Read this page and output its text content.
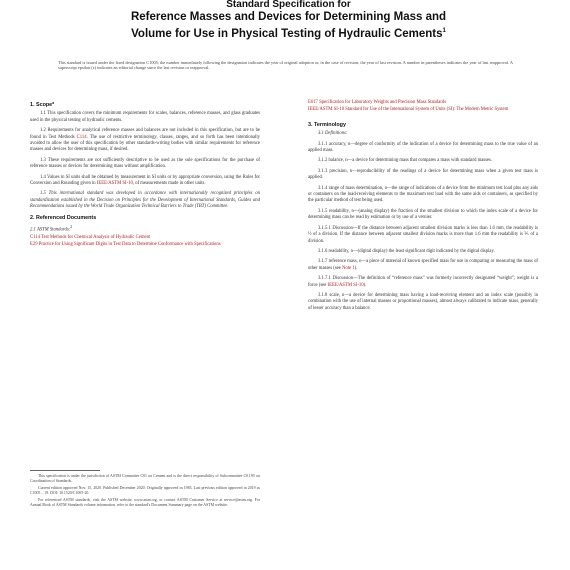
Standard Specification for
Reference Masses and Devices for Determining Mass and
Volume for Use in Physical Testing of Hydraulic Cements$^1$
This standard is issued under the fixed designation C1005; the number immediately following the designation indicates the year of original adoption or, in the case of revision, the year of last revision. A number in parentheses indicates the year of last reapproval. A superscript epsilon (ε) indicates an editorial change since the last revision or reapproval.
1. Scope*

1.1 This specification covers the minimum requirements for scales, balances, reference masses, and glass graduates used in the physical testing of hydraulic cements.

1.2 Requirements for analytical reference masses and balances are not included in this specification, but are to be found in Test Methods C114. The use of restrictive terminology, classes, ranges, and so forth has been intentionally avoided to allow the user of this specification by other standards-writing bodies with similar requirements for reference masses and devices for determining mass, if desired.

1.3 These requirements are not sufficiently descriptive to be used as the sole specifications for the purchase of reference masses or devices for determining mass without amplification.

1.4 Values in SI units shall be obtained by measurement in SI units or by appropriate conversion, using the Rules for Conversion and Rounding given in IEEE/ASTM SI-10, of measurements made in other units.

1.5 This international standard was developed in accordance with internationally recognized principles on standardization established in the Decision on Principles for the Development of International Standards, Guides and Recommendations issued by the World Trade Organization Technical Barriers to Trade (TBT) Committee.

2. Referenced Documents

2.1 ASTM Standards:$^2$

C114 Test Methods for Chemical Analysis of Hydraulic Cement

E29 Practice for Using Significant Digits in Test Data to Determine Conformance with Specifications

This specification is under the jurisdiction of ASTM Committee C01 on Cement and is the direct responsibility of Subcommittee C01.95 on Coordination of Standards.

Current edition approved Nov. 15, 2020. Published December 2020. Originally approved in 1983. Last previous edition approved in 2019 as C1005 – 19. DOI: 10.1520/C1005-20.

For referenced ASTM standards, visit the ASTM website, www.astm.org, or contact ASTM Customer Service at service@astm.org. For Annual Book of ASTM Standards volume information, refer to the standard's Document Summary page on the ASTM website.

E617 Specification for Laboratory Weights and Precision Mass Standards

IEEE/ASTM SI-10 Standard for Use of the International System of Units (SI): The Modern Metric System

3. Terminology

3.1 Definitions:

3.1.1 accuracy, n—degree of conformity of the indication of a device for determining mass to the true value of an applied mass.

3.1.2 balance, n—a device for determining mass that compares a mass with standard masses.

3.1.3 precision, n—reproducibility of the readings of a device for determining mass when a given test mass is applied.

3.1.4 range of mass determination, n—the range of indications of a device from the minimum test load plus any aids or containers on the load-receiving elements to the maximum test load with the same aids or containers, as specified by the particular method of test being used.

3.1.5 readability, n—(analog display) the fraction of the smallest division to which the index scale of a device for determining mass can be read by estimation or by use of a vernier.

3.1.5.1 Discussion—If the distance between adjacent smallest division marks is less than 1.6 mm, the readability is ½ of a division. If the distance between adjacent smallest division marks is more than 1.6 mm the readability is ⅕ of a division.

3.1.6 readability, n—(digital display) the least significant digit indicated by the digital display.

3.1.7 reference mass, n—a piece of material of known specified mass for use in comparing or measuring the mass of other masses (see Note 1).

3.1.7.1 Discussion—The definition of “reference mass” was formerly incorrectly designated “weight”; weight is a force (see IEEE/ASTM SI-10).

3.1.8 scale, n—a device for determining mass having a load-receiving element and an index scale (possibly in combination with the use of internal masses or proportional masses), almost always calibrated to indicate mass, generally of lesser accuracy than a balance.
